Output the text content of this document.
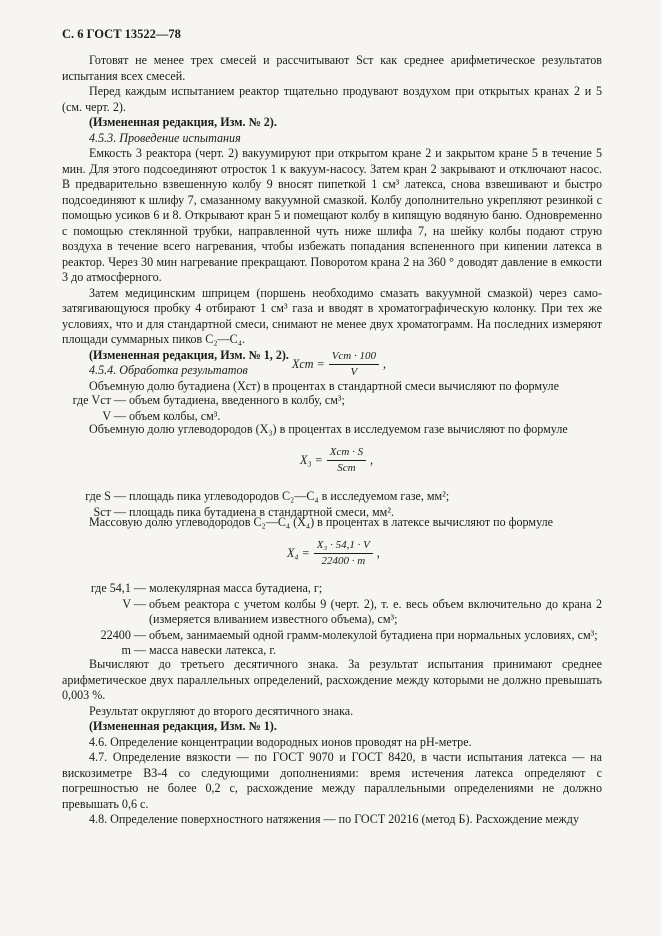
С. 6 ГОСТ 13522—78

Готовят не менее трех смесей и рассчитывают Sст как среднее арифметическое результатов испытания всех смесей.

Перед каждым испытанием реактор тщательно продувают воздухом при открытых кранах 2 и 5 (см. черт. 2).

(Измененная редакция, Изм. № 2).

4.5.3. Проведение испытания

Емкость 3 реактора (черт. 2) вакуумируют при открытом кране 2 и закрытом кране 5 в течение 5 мин. Для этого подсоединяют отросток 1 к вакуум-насосу. Затем кран 2 закрывают и отключают насос. В предварительно взвешенную колбу 9 вносят пипеткой 1 см³ латекса, снова взвешивают и быстро подсоединяют к шлифу 7, смазанному вакуумной смазкой. Колбу дополнительно укрепляют резинкой с помощью усиков 6 и 8. Открывают кран 5 и помещают колбу в кипящую водяную баню. Одновременно с помощью стеклянной трубки, направленной чуть ниже шлифа 7, на шейку колбы подают струю воздуха в течение всего нагревания, чтобы избежать попадания вспененного при кипении латекса в реактор. Через 30 мин нагревание прекращают. Поворотом крана 2 на 360 ° доводят давление в емкости 3 до атмосферного.

Затем медицинским шприцем (поршень необходимо смазать вакуумной смазкой) через само-затягивающуюся пробку 4 отбирают 1 см³ газа и вводят в хроматографическую колонку. При тех же условиях, что и для стандартной смеси, снимают не менее двух хроматограмм. На последних измеряют площади суммарных пиков С₂—С₄.

(Измененная редакция, Изм. № 1, 2).

4.5.4. Обработка результатов

Объемную долю бутадиена (Xст) в процентах в стандартной смеси вычисляют по формуле

Xст = $\frac{\text{Vст · 100}}{V}$ ,
где Vст — объем бутадиена, введенного в колбу, см³;
V — объем колбы, см³.

Объемную долю углеводородов (X₃) в процентах в исследуемом газе вычисляют по формуле

$X_3 = \frac{\text{Xст · S}}{\text{Sст}}$ ,
где S — площадь пика углеводородов С₂—С₄ в исследуемом газе, мм²;
Sст — площадь пика бутадиена в стандартной смеси, мм².

Массовую долю углеводородов С₂—С₄ (X₄) в процентах в латексе вычисляют по формуле

$X_4 = \frac{\text{X₃ · 54,1 · V}}{22400 \cdot m}$ ,
где 54,1 — молекулярная масса бутадиена, г;
V — объем реактора с учетом колбы 9 (черт. 2), т. е. весь объем включительно до крана 2 (измеряется вливанием известного объема), см³;
22400 — объем, занимаемый одной грамм-молекулой бутадиена при нормальных условиях, см³;
m — масса навески латекса, г.

Вычисляют до третьего десятичного знака. За результат испытания принимают среднее арифметическое двух параллельных определений, расхождение между которыми не должно превышать 0,003 %.

Результат округляют до второго десятичного знака.

(Измененная редакция, Изм. № 1).

4.6. Определение концентрации водородных ионов проводят на рН-метре.

4.7. Определение вязкости — по ГОСТ 9070 и ГОСТ 8420, в части испытания латекса — на вискозиметре ВЗ-4 со следующими дополнениями: время истечения латекса определяют с погрешностью не более 0,2 с, расхождение между параллельными определениями не должно превышать 0,6 с.

4.8. Определение поверхностного натяжения — по ГОСТ 20216 (метод Б). Расхождение между
